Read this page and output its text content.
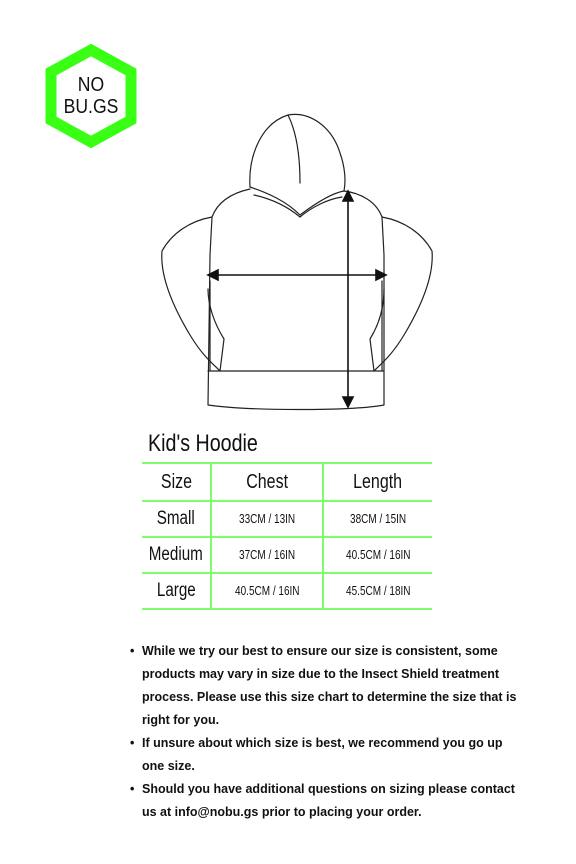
NO
BU.GS
Kid's Hoodie
Size	Chest	Length
Small	33CM / 13IN	38CM / 15IN
Medium	37CM / 16IN	40.5CM / 16IN
Large	40.5CM / 16IN	45.5CM / 18IN
• While we try our best to ensure our size is consistent, some products may vary in size due to the Insect Shield treatment process. Please use this size chart to determine the size that is right for you.
• If unsure about which size is best, we recommend you go up one size.
• Should you have additional questions on sizing please contact us at info@nobu.gs prior to placing your order.
